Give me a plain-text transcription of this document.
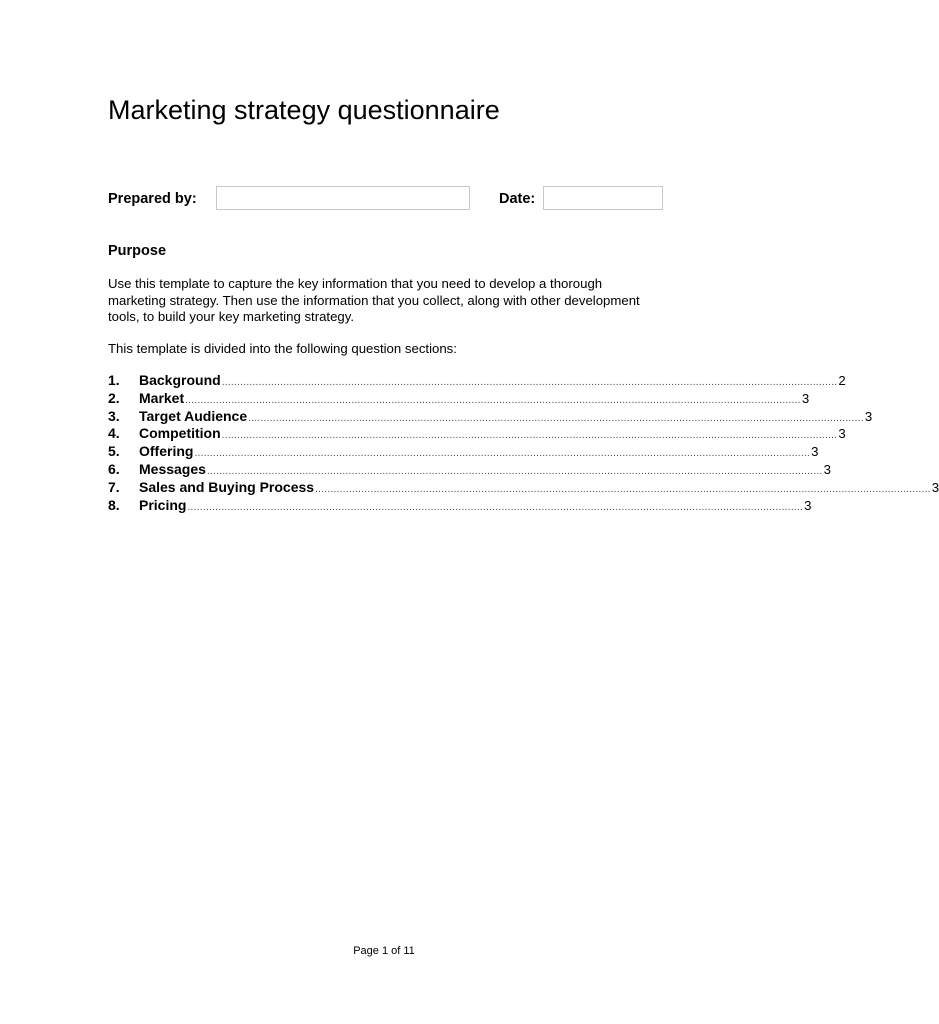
Marketing strategy questionnaire
Prepared by:	Date:
Purpose

Use this template to capture the key information that you need to develop a thorough

marketing strategy. Then use the information that you collect, along with other development

tools, to build your key marketing strategy.

This template is divided into the following question sections:

1.	Background ........................................................................................................................................................................................................ 2
2.	Market ........................................................................................................................................................................................................ 3
3.	Target Audience ........................................................................................................................................................................................................ 3
4.	Competition ........................................................................................................................................................................................................ 3
5.	Offering ........................................................................................................................................................................................................ 3
6.	Messages ........................................................................................................................................................................................................ 3
7.	Sales and Buying Process ........................................................................................................................................................................................................ 3
8.	Pricing ........................................................................................................................................................................................................ 3
Page 1 of 11
